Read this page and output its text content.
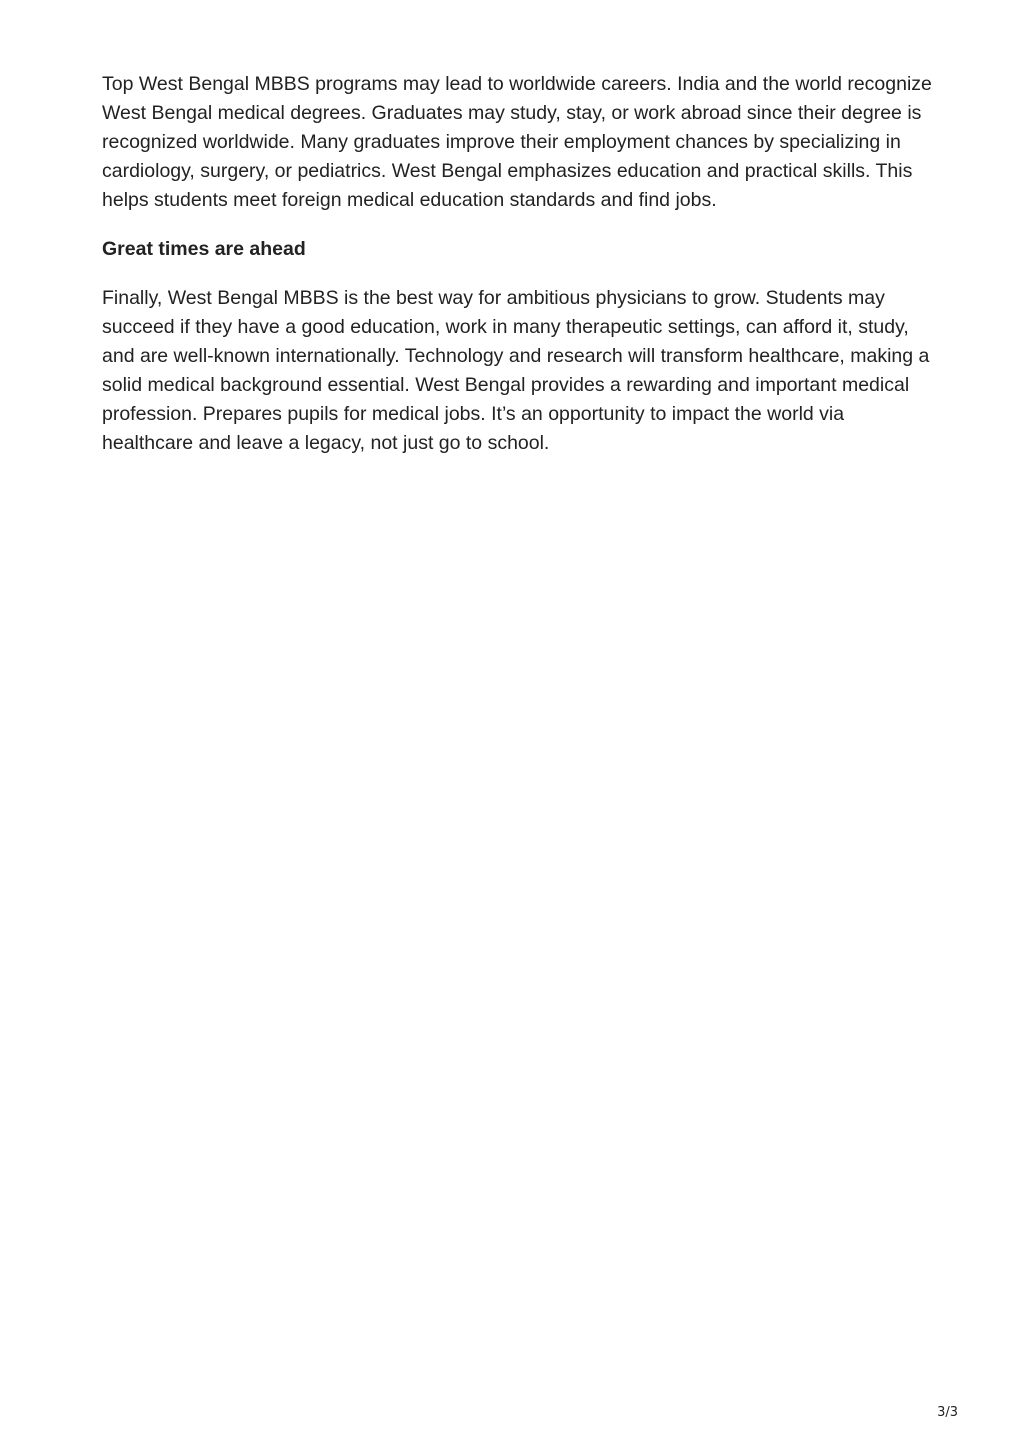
Top West Bengal MBBS programs may lead to worldwide careers. India and the world recognize West Bengal medical degrees. Graduates may study, stay, or work abroad since their degree is recognized worldwide. Many graduates improve their employment chances by specializing in cardiology, surgery, or pediatrics. West Bengal emphasizes education and practical skills. This helps students meet foreign medical education standards and find jobs.

Great times are ahead

Finally, West Bengal MBBS is the best way for ambitious physicians to grow. Students may succeed if they have a good education, work in many therapeutic settings, can afford it, study, and are well-known internationally. Technology and research will transform healthcare, making a solid medical background essential. West Bengal provides a rewarding and important medical profession. Prepares pupils for medical jobs. It’s an opportunity to impact the world via healthcare and leave a legacy, not just go to school.

3/3
